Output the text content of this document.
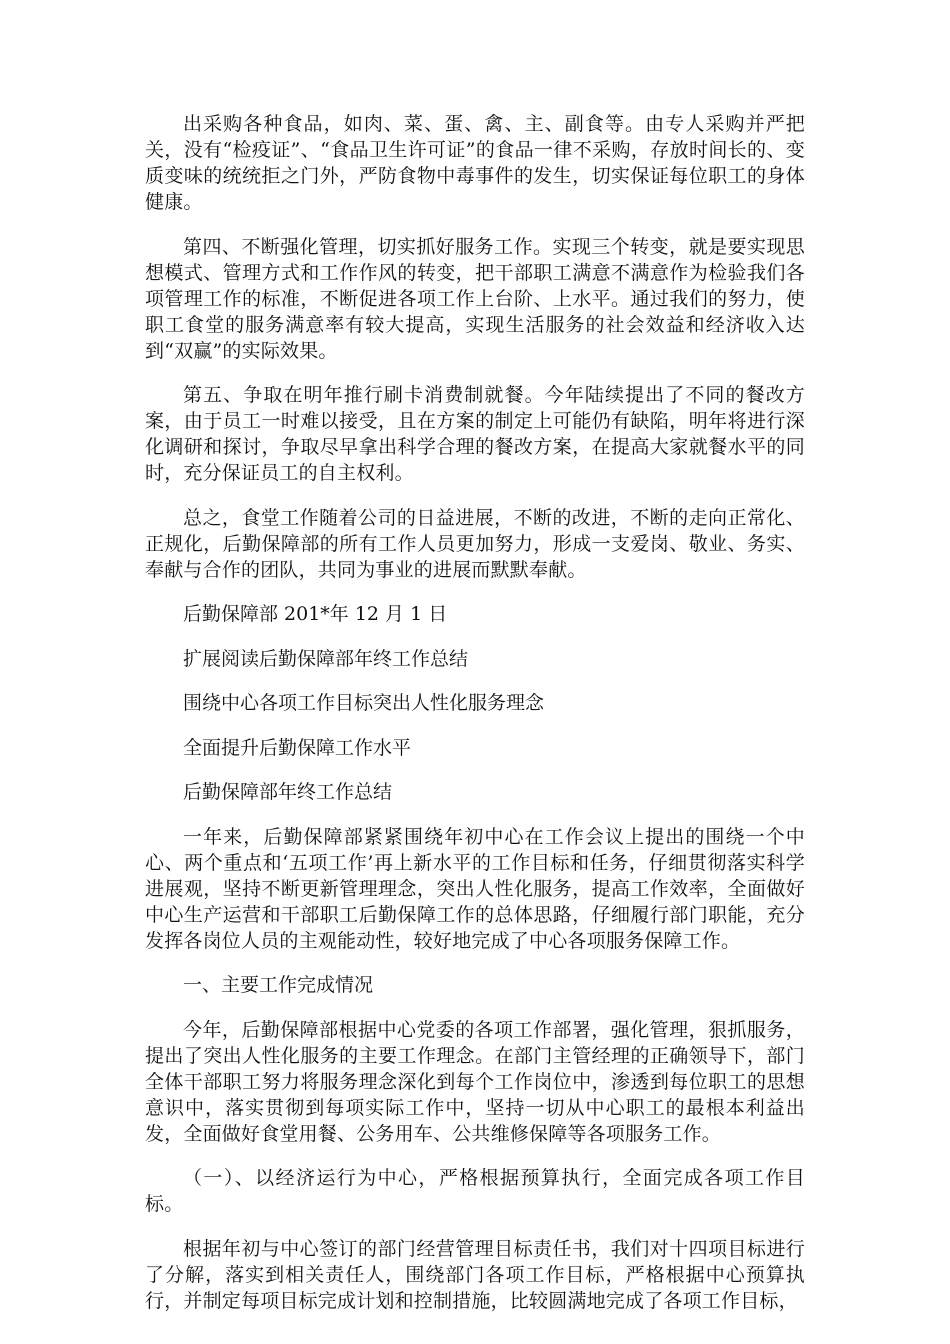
出采购各种食品，如肉、菜、蛋、禽、主、副食等。由专人采购并严把关，没有“检疫证”、“食品卫生许可证”的食品一律不采购，存放时间长的、变质变味的统统拒之门外，严防食物中毒事件的发生，切实保证每位职工的身体健康。

第四、不断强化管理，切实抓好服务工作。实现三个转变，就是要实现思想模式、管理方式和工作作风的转变，把干部职工满意不满意作为检验我们各项管理工作的标准，不断促进各项工作上台阶、上水平。通过我们的努力，使职工食堂的服务满意率有较大提高，实现生活服务的社会效益和经济收入达到“双赢”的实际效果。

第五、争取在明年推行刷卡消费制就餐。今年陆续提出了不同的餐改方案，由于员工一时难以接受，且在方案的制定上可能仍有缺陷，明年将进行深化调研和探讨，争取尽早拿出科学合理的餐改方案，在提高大家就餐水平的同时，充分保证员工的自主权利。

总之，食堂工作随着公司的日益进展，不断的改进，不断的走向正常化、正规化，后勤保障部的所有工作人员更加努力，形成一支爱岗、敬业、务实、奉献与合作的团队，共同为事业的进展而默默奉献。

后勤保障部 201*年 12 月 1 日

扩展阅读后勤保障部年终工作总结

围绕中心各项工作目标突出人性化服务理念

全面提升后勤保障工作水平

后勤保障部年终工作总结

一年来，后勤保障部紧紧围绕年初中心在工作会议上提出的围绕一个中心、两个重点和‘五项工作’再上新水平的工作目标和任务，仔细贯彻落实科学进展观，坚持不断更新管理理念，突出人性化服务，提高工作效率，全面做好中心生产运营和干部职工后勤保障工作的总体思路，仔细履行部门职能，充分发挥各岗位人员的主观能动性，较好地完成了中心各项服务保障工作。

一、主要工作完成情况

今年，后勤保障部根据中心党委的各项工作部署，强化管理，狠抓服务，提出了突出人性化服务的主要工作理念。在部门主管经理的正确领导下，部门全体干部职工努力将服务理念深化到每个工作岗位中，渗透到每位职工的思想意识中，落实贯彻到每项实际工作中，坚持一切从中心职工的最根本利益出发，全面做好食堂用餐、公务用车、公共维修保障等各项服务工作。

（一）、以经济运行为中心，严格根据预算执行，全面完成各项工作目标。

根据年初与中心签订的部门经营管理目标责任书，我们对十四项目标进行了分解，落实到相关责任人，围绕部门各项工作目标，严格根据中心预算执行，并制定每项目标完成计划和控制措施，比较圆满地完成了各项工作目标，
